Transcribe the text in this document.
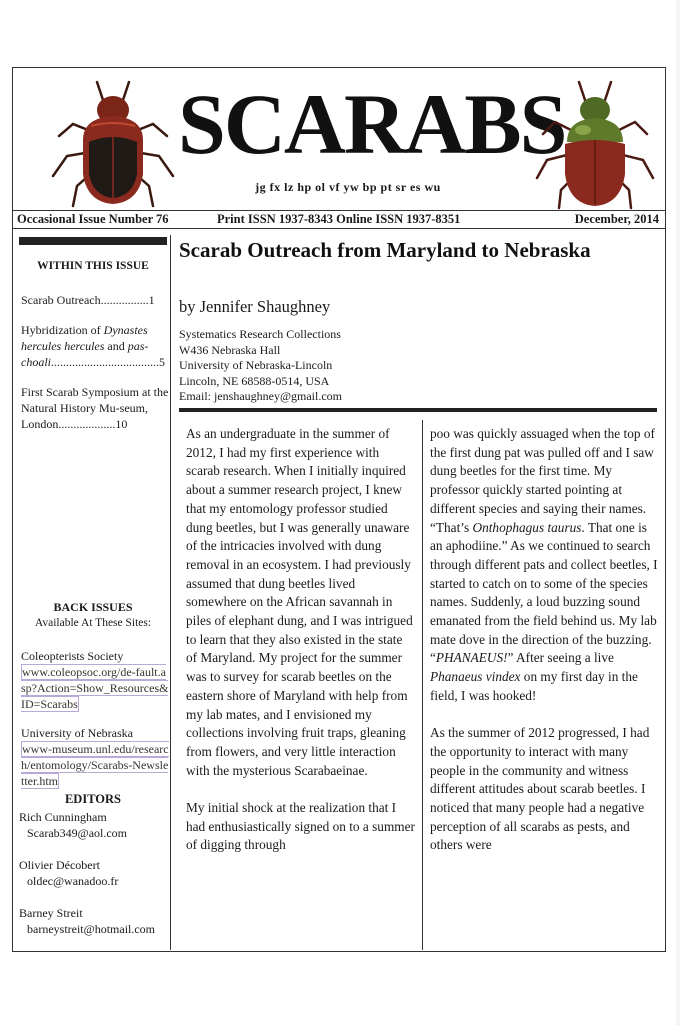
SCARABS
jg fx lz hp ol vf yw bp pt sr es wu
Occasional Issue Number 76	Print ISSN 1937-8343 Online ISSN 1937-8351	December, 2014
WITHIN THIS ISSUE
Scarab Outreach................1
Hybridization of Dynastes hercules hercules and pas-choali....................................5
First Scarab Symposium at the Natural History Mu-seum, London...................10
BACK ISSUES
Available At These Sites:
Coleopterists Society
www.coleopsoc.org/de-fault.asp?Action=Show_Resources&ID=Scarabs
University of Nebraska
www-museum.unl.edu/research/entomology/Scarabs-Newsletter.htm
EDITORS
Rich Cunningham
Scarab349@aol.com
Olivier Décobert
oldec@wanadoo.fr
Barney Streit
barneystreit@hotmail.com
Scarab Outreach from Maryland to Nebraska
by Jennifer Shaughney
Systematics Research Collections
W436 Nebraska Hall
University of Nebraska-Lincoln
Lincoln, NE 68588-0514, USA
Email: jenshaughney@gmail.com

As an undergraduate in the summer of 2012, I had my first experience with scarab research. When I initially inquired about a summer research project, I knew that my entomology professor studied dung beetles, but I was generally unaware of the intricacies involved with dung removal in an ecosystem. I had previously assumed that dung beetles lived somewhere on the African savannah in piles of elephant dung, and I was intrigued to learn that they also existed in the state of Maryland. My project for the summer was to survey for scarab beetles on the eastern shore of Maryland with help from my lab mates, and I envisioned my collections involving fruit traps, gleaning from flowers, and very little interaction with the mysterious Scarabaeinae.

My initial shock at the realization that I had enthusiastically signed on to a summer of digging through

poo was quickly assuaged when the top of the first dung pat was pulled off and I saw dung beetles for the first time. My professor quickly started pointing at different species and saying their names. “That’s Onthophagus taurus. That one is an aphodiine.” As we continued to search through different pats and collect beetles, I started to catch on to some of the species names. Suddenly, a loud buzzing sound emanated from the field behind us. My lab mate dove in the direction of the buzzing. “PHANAEUS!” After seeing a live Phanaeus vindex on my first day in the field, I was hooked!

As the summer of 2012 progressed, I had the opportunity to interact with many people in the community and witness different attitudes about scarab beetles. I noticed that many people had a negative perception of all scarabs as pests, and others were
